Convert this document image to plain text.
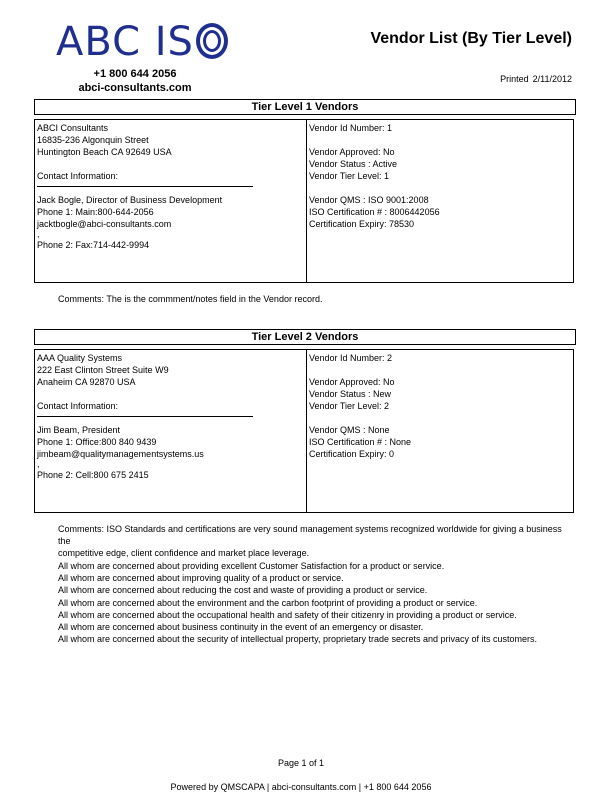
ABC IS
+1 800 644 2056
abci-consultants.com
Vendor List (By Tier Level)
Printed 2/11/2012
Tier Level 1 Vendors
ABCI Consultants
16835-236 Algonquin Street
Huntington Beach CA 92649 USA
Contact Information:
Jack Bogle, Director of Business Development
Phone 1: Main:800-644-2056
jacktbogle@abci-consultants.com
,
Phone 2: Fax:714-442-9994
Vendor Id Number: 1
Vendor Approved: No
Vendor Status : Active
Vendor Tier Level: 1
Vendor QMS : ISO 9001:2008
ISO Certification # : 8006442056
Certification Expiry: 78530
Comments: The is the commment/notes field in the Vendor record.
Tier Level 2 Vendors
AAA Quality Systems
222 East Clinton Street Suite W9
Anaheim CA 92870 USA
Contact Information:
Jim Beam, President
Phone 1: Office:800 840 9439
jimbeam@qualitymanagementsystems.us
,
Phone 2: Cell:800 675 2415
Vendor Id Number: 2
Vendor Approved: No
Vendor Status : New
Vendor Tier Level: 2
Vendor QMS : None
ISO Certification # : None
Certification Expiry: 0
Comments: ISO Standards and certifications are very sound management systems recognized worldwide for giving a business the
competitive edge, client confidence and market place leverage.
All whom are concerned about providing excellent Customer Satisfaction for a product or service.
All whom are concerned about improving quality of a product or service.
All whom are concerned about reducing the cost and waste of providing a product or service.
All whom are concerned about the environment and the carbon footprint of providing a product or service.
All whom are concerned about the occupational health and safety of their citizenry in providing a product or service.
All whom are concerned about business continuity in the event of an emergency or disaster.
All whom are concerned about the security of intellectual property, proprietary trade secrets and privacy of its customers.
Page 1 of 1
Powered by QMSCAPA | abci-consultants.com | +1 800 644 2056
